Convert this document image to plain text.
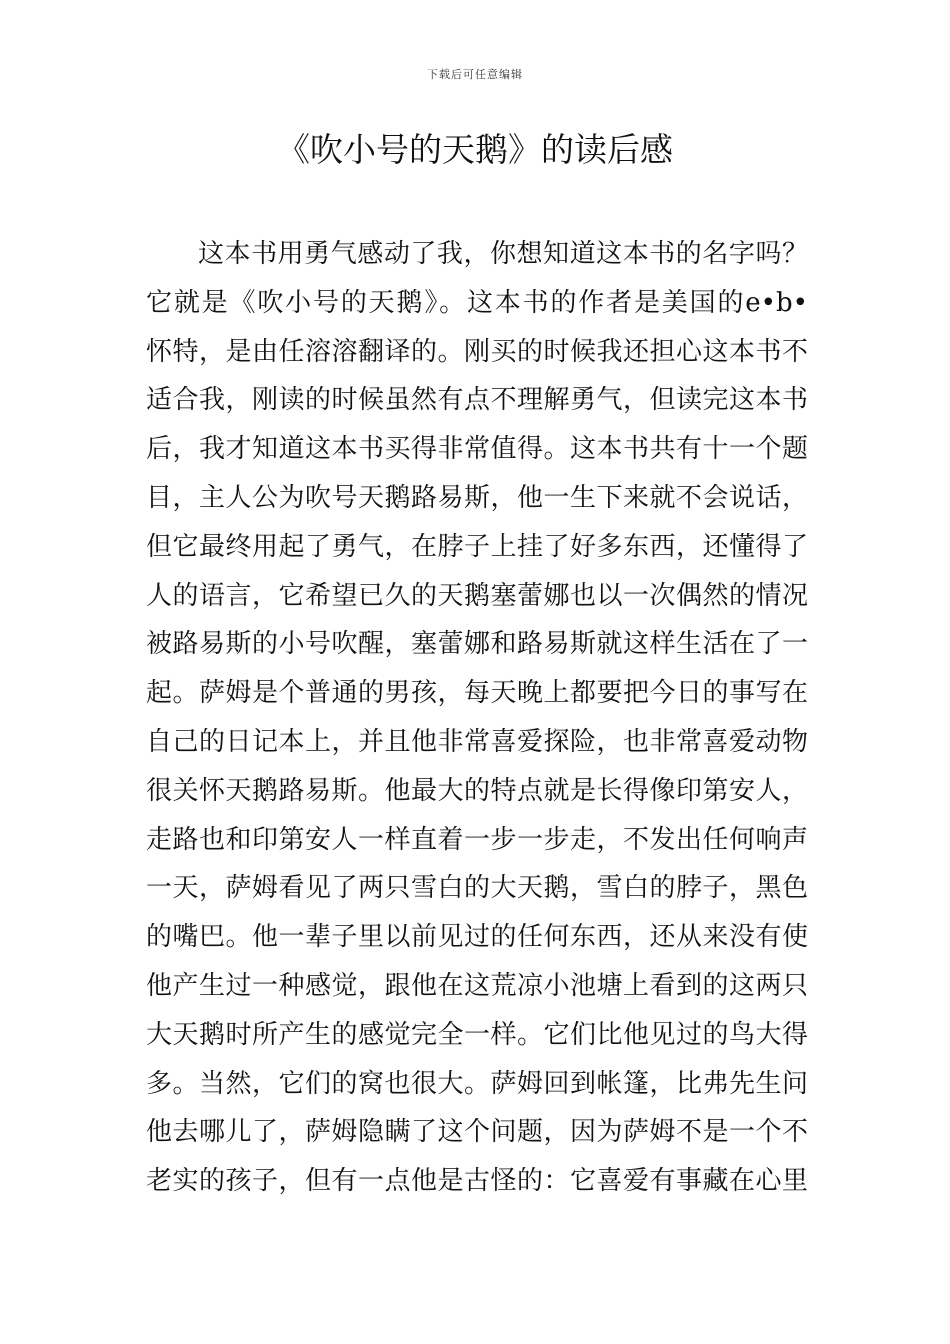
下载后可任意编辑
《吹小号的天鹅》的读后感
这本书用勇气感动了我，你想知道这本书的名字吗？
它就是《吹小号的天鹅》。这本书的作者是美国的e•b•
怀特，是由任溶溶翻译的。刚买的时候我还担心这本书不
适合我，刚读的时候虽然有点不理解勇气，但读完这本书
后，我才知道这本书买得非常值得。这本书共有十一个题
目，主人公为吹号天鹅路易斯，他一生下来就不会说话，
但它最终用起了勇气，在脖子上挂了好多东西，还懂得了
人的语言，它希望已久的天鹅塞蕾娜也以一次偶然的情况
被路易斯的小号吹醒，塞蕾娜和路易斯就这样生活在了一
起。萨姆是个普通的男孩，每天晚上都要把今日的事写在
自己的日记本上，并且他非常喜爱探险，也非常喜爱动物
很关怀天鹅路易斯。他最大的特点就是长得像印第安人，
走路也和印第安人一样直着一步一步走，不发出任何响声
一天，萨姆看见了两只雪白的大天鹅，雪白的脖子，黑色
的嘴巴。他一辈子里以前见过的任何东西，还从来没有使
他产生过一种感觉，跟他在这荒凉小池塘上看到的这两只
大天鹅时所产生的感觉完全一样。它们比他见过的鸟大得
多。当然，它们的窝也很大。萨姆回到帐篷，比弗先生问
他去哪儿了，萨姆隐瞒了这个问题，因为萨姆不是一个不
老实的孩子，但有一点他是古怪的：它喜爱有事藏在心里
